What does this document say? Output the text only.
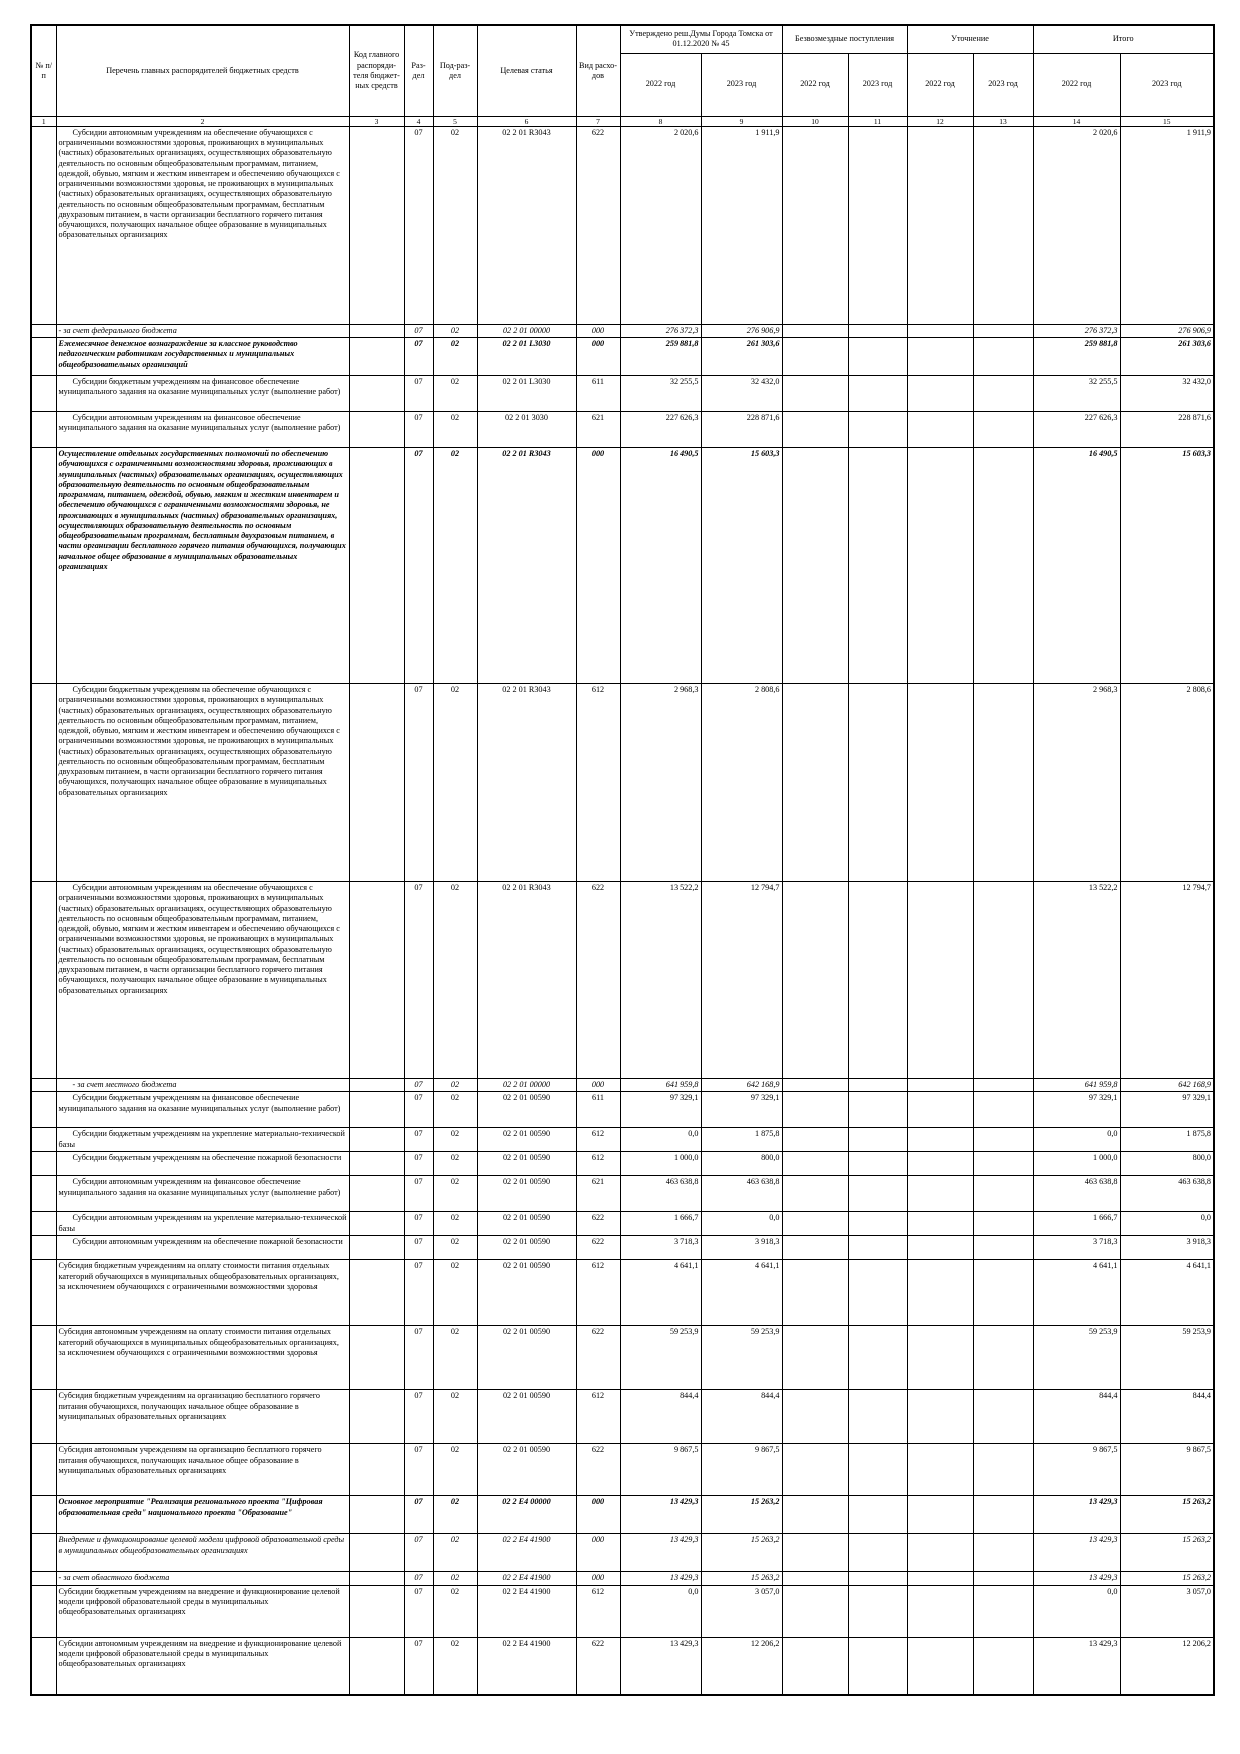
№ п/п	Перечень главных распорядителей бюджетных средств	Код главного распоряди-теля бюджет-ных средств	Раз-дел	Под-раз-дел	Целевая статья	Вид расхо-дов	Утверждено реш.Думы Города Томска от 01.12.2020 № 45		Безвозмездные поступления		Уточнение		Итого	
							2022 год	2023 год	2022 год	2023 год	2022 год	2023 год	2022 год	2023 год
1	2	3	4	5	6	7	8	9	10	11	12	13	14	15
	Субсидии автономным учреждениям на обеспечение обучающихся с ограниченными возможностями здоровья, проживающих в муниципальных (частных) образовательных организациях, осуществляющих образовательную деятельность по основным общеобразовательным программам, питанием, одеждой, обувью, мягким и жестким инвентарем и обеспечению обучающихся с ограниченными возможностями здоровья, не проживающих в муниципальных (частных) образовательных организациях, осуществляющих образовательную деятельность по основным общеобразовательным программам, бесплатным двухразовым питанием, в части организации бесплатного горячего питания обучающихся, получающих начальное общее образование в муниципальных образовательных организациях		07	02	02 2 01 R3043	622	2 020,6	1 911,9					2 020,6	1 911,9
	- за счет федерального бюджета		07	02	02 2 01 00000	000	276 372,3	276 906,9					276 372,3	276 906,9
	Ежемесячное денежное вознаграждение за классное руководство педагогическим работникам государственных и муниципальных общеобразовательных организаций		07	02	02 2 01 L3030	000	259 881,8	261 303,6					259 881,8	261 303,6
	Субсидии бюджетным учреждениям на финансовое обеспечение муниципального задания на оказание муниципальных услуг (выполнение работ)		07	02	02 2 01 L3030	611	32 255,5	32 432,0					32 255,5	32 432,0
	Субсидии автономным учреждениям на финансовое обеспечение муниципального задания на оказание муниципальных услуг (выполнение работ)		07	02	02 2 01 3030	621	227 626,3	228 871,6					227 626,3	228 871,6
	Осуществление отдельных государственных полномочий по обеспечению обучающихся с ограниченными возможностями здоровья, проживающих в муниципальных (частных) образовательных организациях, осуществляющих образовательную деятельность по основным общеобразовательным программам, питанием, одеждой, обувью, мягким и жестким инвентарем и обеспечению обучающихся с ограниченными возможностями здоровья, не проживающих в муниципальных (частных) образовательных организациях, осуществляющих образовательную деятельность по основным общеобразовательным программам, бесплатным двухразовым питанием, в части организации бесплатного горячего питания обучающихся, получающих начальное общее образование в муниципальных образовательных организациях		07	02	02 2 01 R3043	000	16 490,5	15 603,3					16 490,5	15 603,3
	Субсидии бюджетным учреждениям на обеспечение обучающихся с ограниченными возможностями здоровья, проживающих в муниципальных (частных) образовательных организациях, осуществляющих образовательную деятельность по основным общеобразовательным программам, питанием, одеждой, обувью, мягким и жестким инвентарем и обеспечению обучающихся с ограниченными возможностями здоровья, не проживающих в муниципальных (частных) образовательных организациях, осуществляющих образовательную деятельность по основным общеобразовательным программам, бесплатным двухразовым питанием, в части организации бесплатного горячего питания обучающихся, получающих начальное общее образование в муниципальных образовательных организациях		07	02	02 2 01 R3043	612	2 968,3	2 808,6					2 968,3	2 808,6
	Субсидии автономным учреждениям на обеспечение обучающихся с ограниченными возможностями здоровья, проживающих в муниципальных (частных) образовательных организациях, осуществляющих образовательную деятельность по основным общеобразовательным программам, питанием, одеждой, обувью, мягким и жестким инвентарем и обеспечению обучающихся с ограниченными возможностями здоровья, не проживающих в муниципальных (частных) образовательных организациях, осуществляющих образовательную деятельность по основным общеобразовательным программам, бесплатным двухразовым питанием, в части организации бесплатного горячего питания обучающихся, получающих начальное общее образование в муниципальных образовательных организациях		07	02	02 2 01 R3043	622	13 522,2	12 794,7					13 522,2	12 794,7
	- за счет местного бюджета		07	02	02 2 01 00000	000	641 959,8	642 168,9					641 959,8	642 168,9
	Субсидии бюджетным учреждениям на финансовое обеспечение муниципального задания на оказание муниципальных услуг (выполнение работ)		07	02	02 2 01 00590	611	97 329,1	97 329,1					97 329,1	97 329,1
	Субсидии бюджетным учреждениям на укрепление материально-технической базы		07	02	02 2 01 00590	612	0,0	1 875,8					0,0	1 875,8
	Субсидии бюджетным учреждениям на обеспечение пожарной безопасности		07	02	02 2 01 00590	612	1 000,0	800,0					1 000,0	800,0
	Субсидии автономным учреждениям на финансовое обеспечение муниципального задания на оказание муниципальных услуг (выполнение работ)		07	02	02 2 01 00590	621	463 638,8	463 638,8					463 638,8	463 638,8
	Субсидии автономным учреждениям на укрепление материально-технической базы		07	02	02 2 01 00590	622	1 666,7	0,0					1 666,7	0,0
	Субсидии автономным учреждениям на обеспечение пожарной безопасности		07	02	02 2 01 00590	622	3 718,3	3 918,3					3 718,3	3 918,3
	Субсидия бюджетным учреждениям на оплату стоимости питания отдельных категорий обучающихся в муниципальных общеобразовательных организациях, за исключением обучающихся с ограниченными возможностями здоровья		07	02	02 2 01 00590	612	4 641,1	4 641,1					4 641,1	4 641,1
	Субсидия автономным учреждениям на оплату стоимости питания отдельных категорий обучающихся в муниципальных общеобразовательных организациях, за исключением обучающихся с ограниченными возможностями здоровья		07	02	02 2 01 00590	622	59 253,9	59 253,9					59 253,9	59 253,9
	Субсидия бюджетным учреждениям на организацию бесплатного горячего питания обучающихся, получающих начальное общее образование в муниципальных образовательных организациях		07	02	02 2 01 00590	612	844,4	844,4					844,4	844,4
	Субсидия автономным учреждениям на организацию бесплатного горячего питания обучающихся, получающих начальное общее образование в муниципальных образовательных организациях		07	02	02 2 01 00590	622	9 867,5	9 867,5					9 867,5	9 867,5
	Основное мероприятие "Реализация регионального проекта "Цифровая образовательная среда" национального проекта "Образование"		07	02	02 2 E4 00000	000	13 429,3	15 263,2					13 429,3	15 263,2
	Внедрение и функционирование целевой модели цифровой образовательной среды в муниципальных общеобразовательных организациях		07	02	02 2 E4 41900	000	13 429,3	15 263,2					13 429,3	15 263,2
	- за счет областного бюджета		07	02	02 2 E4 41900	000	13 429,3	15 263,2					13 429,3	15 263,2
	Субсидии бюджетным учреждениям на внедрение и функционирование целевой модели цифровой образовательной среды в муниципальных общеобразовательных организациях		07	02	02 2 E4 41900	612	0,0	3 057,0					0,0	3 057,0
	Субсидии автономным учреждениям на внедрение и функционирование целевой модели цифровой образовательной среды в муниципальных общеобразовательных организациях		07	02	02 2 E4 41900	622	13 429,3	12 206,2					13 429,3	12 206,2
